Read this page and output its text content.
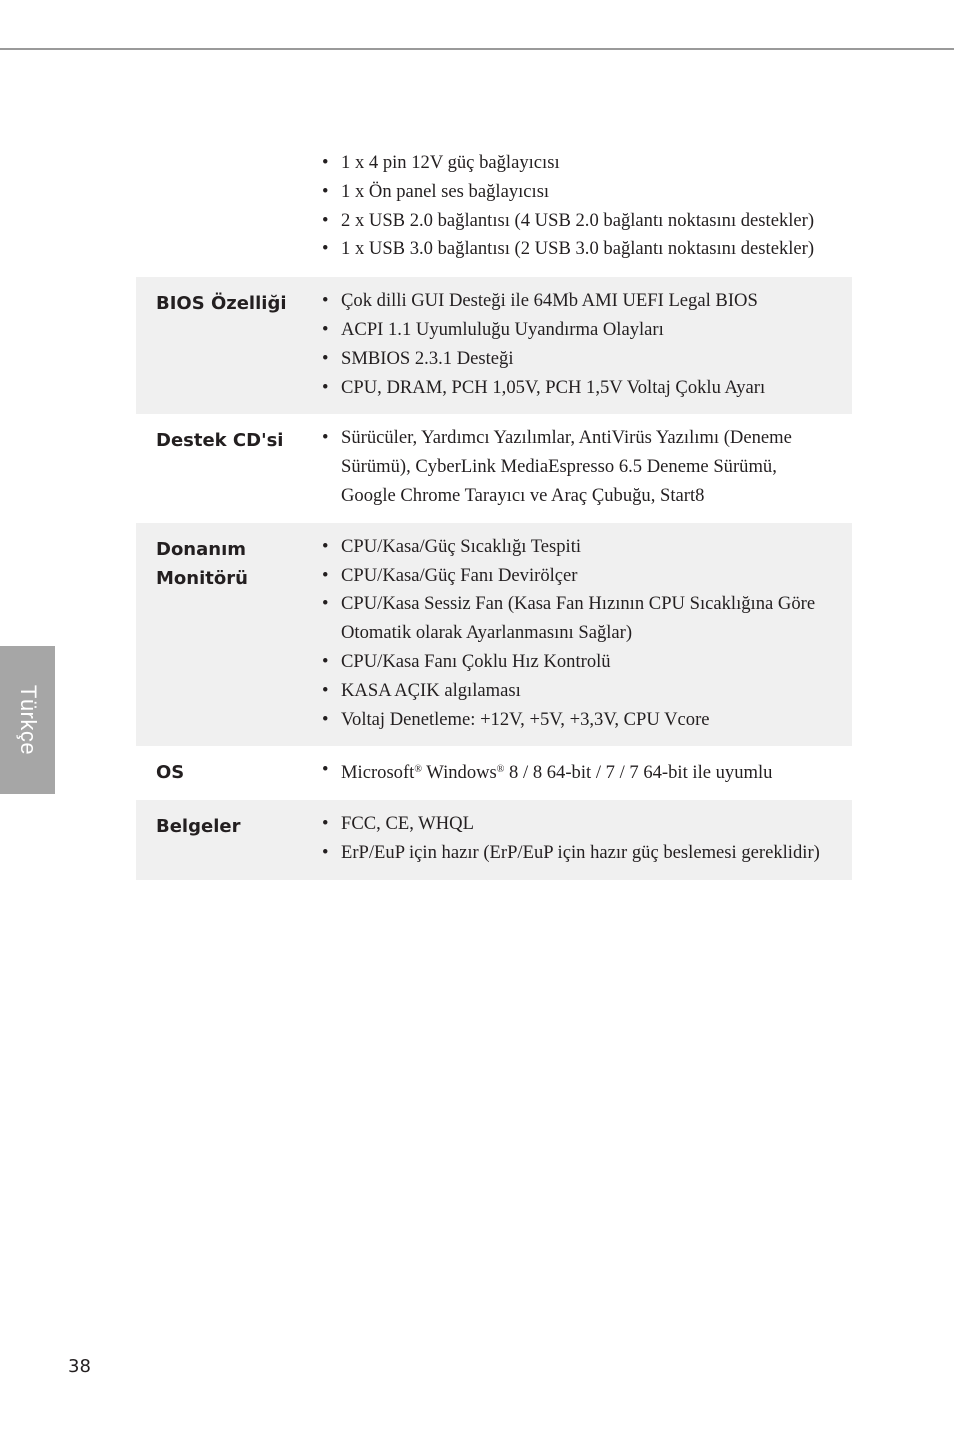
Türkçe
• 1 x 4 pin 12V güç bağlayıcısı
• 1 x Ön panel ses bağlayıcısı
• 2 x USB 2.0 bağlantısı (4 USB 2.0 bağlantı noktasını destekler)
• 1 x USB 3.0 bağlantısı (2 USB 3.0 bağlantı noktasını destekler)
BIOS Özelliği	• Çok dilli GUI Desteği ile 64Mb AMI UEFI Legal BIOS
• ACPI 1.1 Uyumluluğu Uyandırma Olayları
• SMBIOS 2.3.1 Desteği
• CPU, DRAM, PCH 1,05V, PCH 1,5V Voltaj Çoklu Ayarı
Destek CD'si	• Sürücüler, Yardımcı Yazılımlar, AntiVirüs Yazılımı (Deneme Sürümü), CyberLink MediaEspresso 6.5 Deneme Sürümü, Google Chrome Tarayıcı ve Araç Çubuğu, Start8
Donanım Monitörü
• CPU/Kasa/Güç Sıcaklığı Tespiti
• CPU/Kasa/Güç Fanı Devirölçer
• CPU/Kasa Sessiz Fan (Kasa Fan Hızının CPU Sıcaklığına Göre Otomatik olarak Ayarlanmasını Sağlar)
• CPU/Kasa Fanı Çoklu Hız Kontrolü
• KASA AÇIK algılaması
• Voltaj Denetleme: +12V, +5V, +3,3V, CPU Vcore
OS	• Microsoft® Windows® 8 / 8 64-bit / 7 / 7 64-bit ile uyumlu
Belgeler	• FCC, CE, WHQL
• ErP/EuP için hazır (ErP/EuP için hazır güç beslemesi gereklidir)
38
